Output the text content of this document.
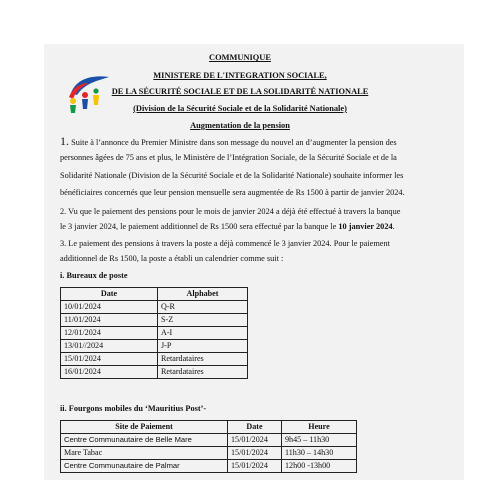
COMMUNIQUE
MINISTERE DE L'INTEGRATION SOCIALE,
DE LA SÉCURITÉ SOCIALE ET DE LA SOLIDARITÉ NATIONALE
(Division de la Sécurité Sociale et de la Solidarité Nationale)
Augmentation de la pension
1. Suite à l’annonce du Premier Ministre dans son message du nouvel an d’augmenter la pension des
personnes âgées de 75 ans et plus, le Ministère de l’Intégration Sociale, de la Sécurité Sociale et de la
Solidarité Nationale (Division de la Sécurité Sociale et de la Solidarité Nationale) souhaite informer les
bénéficiaires concernés que leur pension mensuelle sera augmentée de Rs 1500 à partir de janvier 2024.
2. Vu que le paiement des pensions pour le mois de janvier 2024 a déjà été effectué à travers la banque
le 3 janvier 2024, le paiement additionnel de Rs 1500 sera effectué par la banque le 10 janvier 2024.
3. Le paiement des pensions à travers la poste a déjà commencé le 3 janvier 2024. Pour le paiement
additionnel de Rs 1500, la poste a établi un calendrier comme suit :
i. Bureaux de poste
Date	Alphabet
10/01/2024	Q-R
11/01/2024	S-Z
12/01/2024	A-I
13/01//2024	J-P
15/01/2024	Retardataires
16/01/2024	Retardataires
ii. Fourgons mobiles du ‘Mauritius Post’-
Site de Paiement	Date	Heure
Centre Communautaire de Belle Mare	15/01/2024	9h45 – 11h30
Mare Tabac	15/01/2024	11h30 – 14h30
Centre Communautaire de Palmar	15/01/2024	12h00 -13h00
